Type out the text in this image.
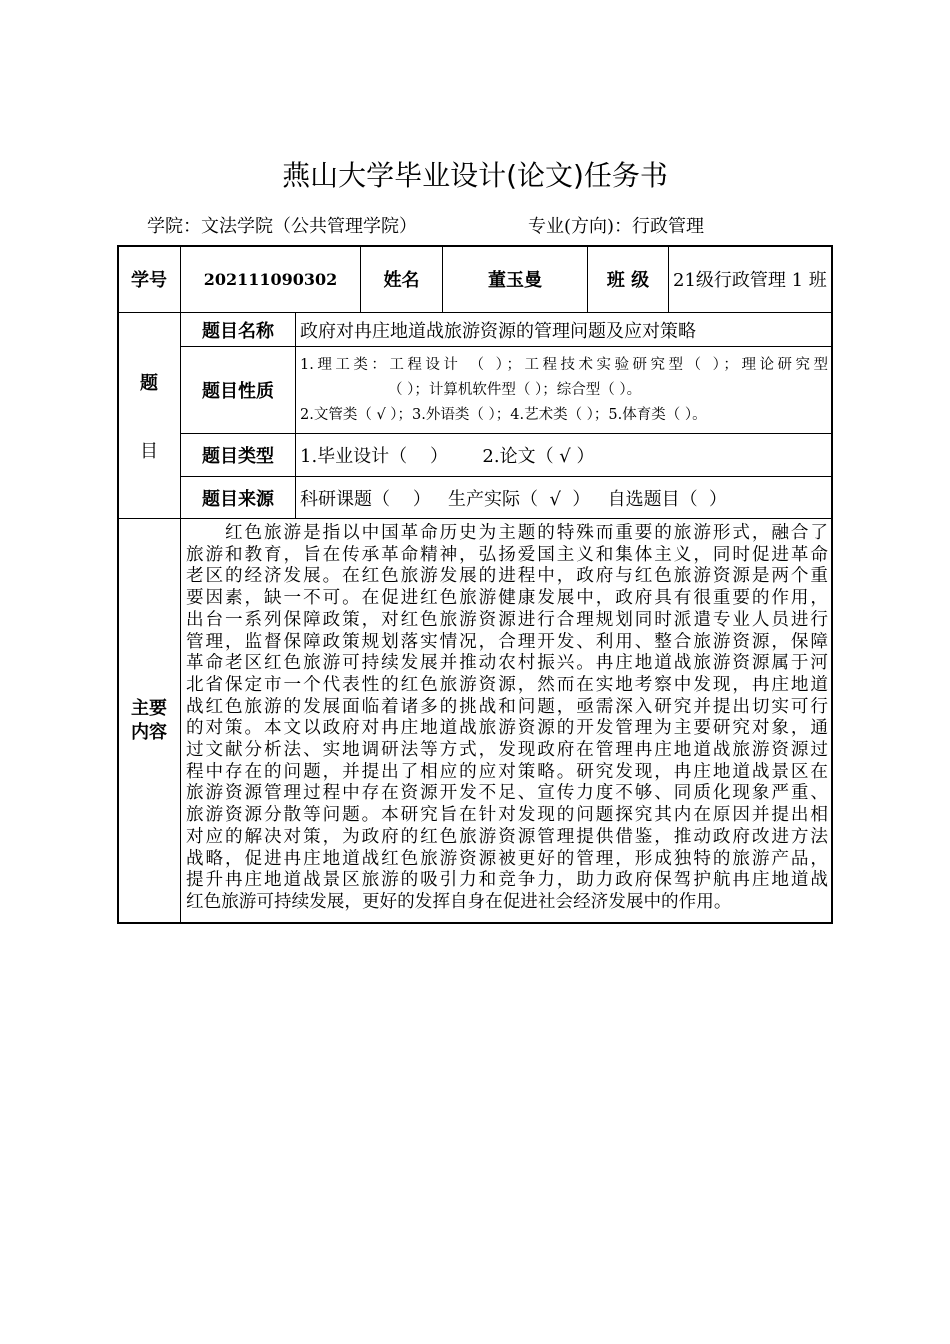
燕山大学毕业设计(论文)任务书
学院：文法学院（公共管理学院）	专业(方向)：行政管理
学号	202111090302	姓名	董玉曼	班 级	21级行政管理 1 班
题
目
题目名称	政府对冉庄地道战旅游资源的管理问题及应对策略
题目性质
1.理工类：工程设计 （ ）；工程技术实验研究型（ ）；理论研究型
（ ）；计算机软件型（ ）；综合型（ ）。
2.文管类（ √ ）；3.外语类（ ）；4.艺术类（ ）；5.体育类（ ）。
题目类型	1.毕业设计（    ）      2.论文（ √ ）
题目来源	科研课题（    ）   生产实际（  √  ）   自选题目（  ）
主要
内容
　　红色旅游是指以中国革命历史为主题的特殊而重要的旅游形式，融合了
旅游和教育，旨在传承革命精神，弘扬爱国主义和集体主义，同时促进革命
老区的经济发展。在红色旅游发展的进程中，政府与红色旅游资源是两个重
要因素，缺一不可。在促进红色旅游健康发展中，政府具有很重要的作用，
出台一系列保障政策，对红色旅游资源进行合理规划同时派遣专业人员进行
管理，监督保障政策规划落实情况，合理开发、利用、整合旅游资源，保障
革命老区红色旅游可持续发展并推动农村振兴。冉庄地道战旅游资源属于河
北省保定市一个代表性的红色旅游资源，然而在实地考察中发现，冉庄地道
战红色旅游的发展面临着诸多的挑战和问题，亟需深入研究并提出切实可行
的对策。本文以政府对冉庄地道战旅游资源的开发管理为主要研究对象，通
过文献分析法、实地调研法等方式，发现政府在管理冉庄地道战旅游资源过
程中存在的问题，并提出了相应的应对策略。研究发现，冉庄地道战景区在
旅游资源管理过程中存在资源开发不足、宣传力度不够、同质化现象严重、
旅游资源分散等问题。本研究旨在针对发现的问题探究其内在原因并提出相
对应的解决对策，为政府的红色旅游资源管理提供借鉴，推动政府改进方法
战略，促进冉庄地道战红色旅游资源被更好的管理，形成独特的旅游产品，
提升冉庄地道战景区旅游的吸引力和竞争力，助力政府保驾护航冉庄地道战
红色旅游可持续发展，更好的发挥自身在促进社会经济发展中的作用。
